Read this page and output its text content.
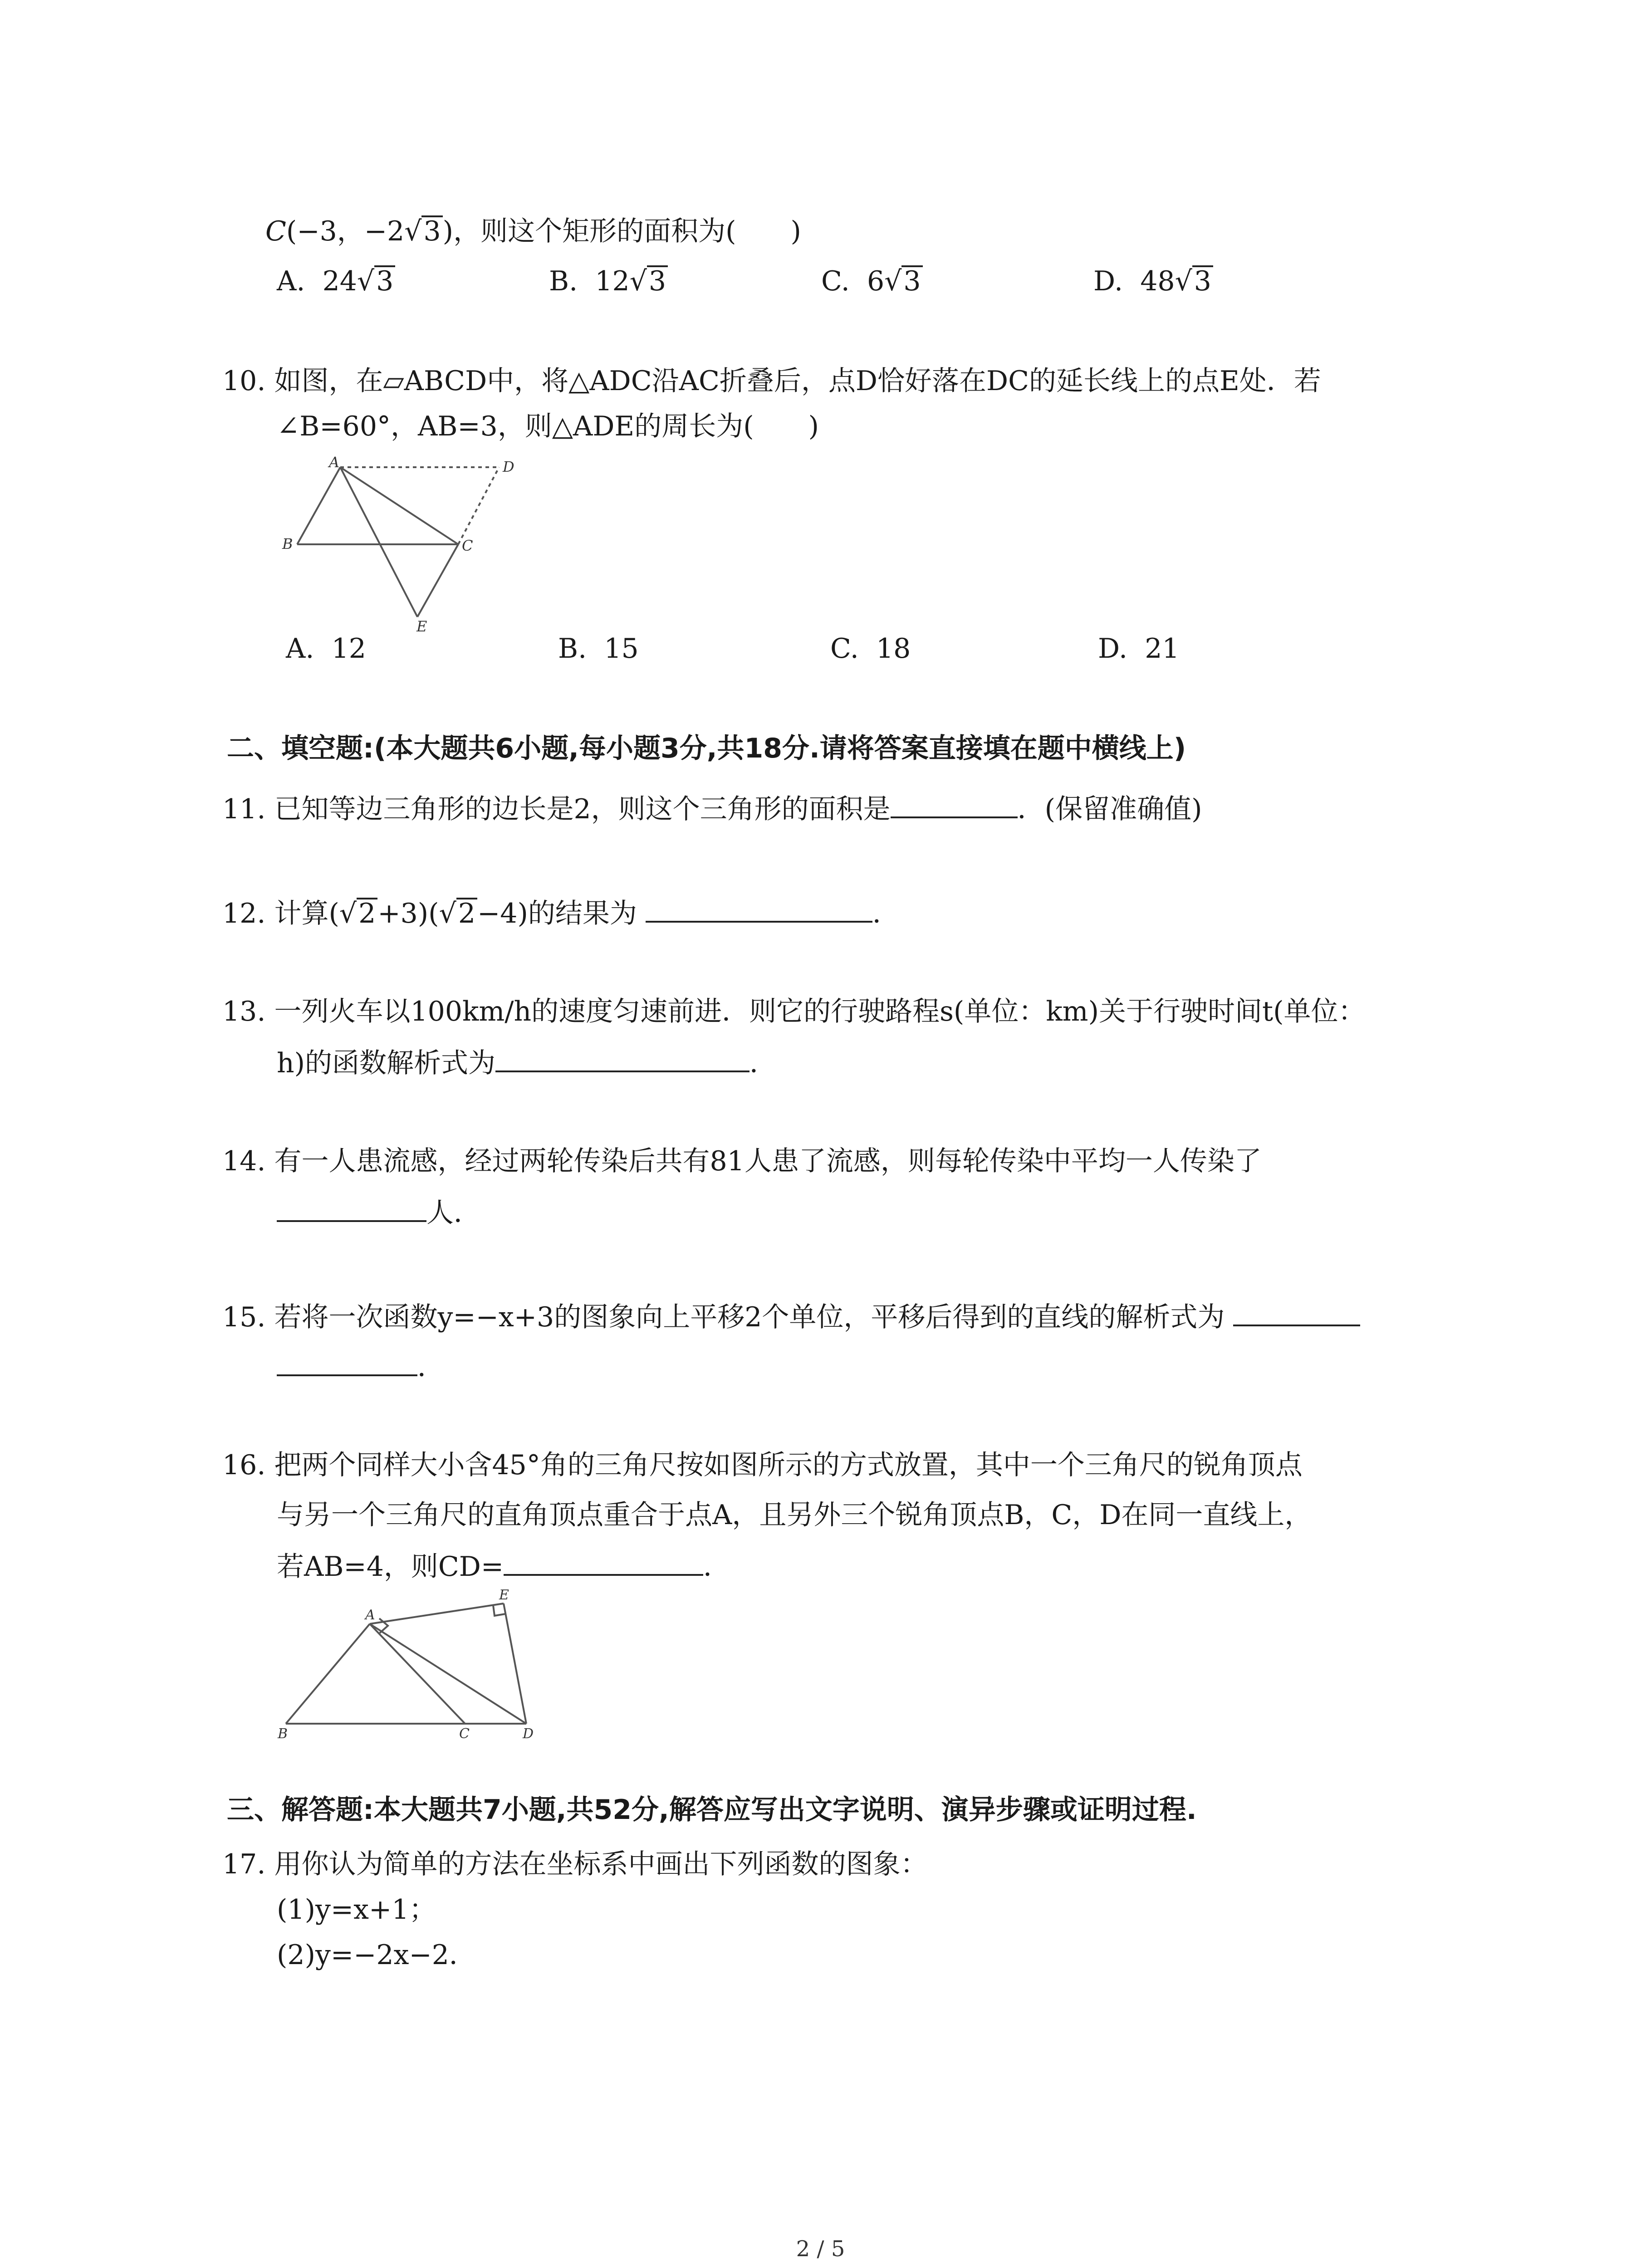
C(−3，−2√3)，则这个矩形的面积为(　　)
A. 24√3	B. 12√3	C. 6√3	D. 48√3
10. 如图，在▱ABCD中，将△ADC沿AC折叠后，点D恰好落在DC的延长线上的点E处．若
∠B=60°，AB=3，则△ADE的周长为(　　)
A
B	C
D
E
A. 12	B. 15	C. 18	D. 21
二、填空题:(本大题共6小题,每小题3分,共18分.请将答案直接填在题中横线上)
11. 已知等边三角形的边长是2，则这个三角形的面积是	．(保留准确值)
12. 计算(√2+3)(√2−4)的结果为	．
13. 一列火车以100km/h的速度匀速前进．则它的行驶路程s(单位：km)关于行驶时间t(单位：
h)的函数解析式为	．
14. 有一人患流感，经过两轮传染后共有81人患了流感，则每轮传染中平均一人传染了
人．
15. 若将一次函数y=−x+3的图象向上平移2个单位，平移后得到的直线的解析式为
．
16. 把两个同样大小含45°角的三角尺按如图所示的方式放置，其中一个三角尺的锐角顶点
与另一个三角尺的直角顶点重合于点A，且另外三个锐角顶点B，C，D在同一直线上，
若AB=4，则CD=	．
A
B	C	D
E
三、解答题:本大题共7小题,共52分,解答应写出文字说明、演异步骤或证明过程.
17. 用你认为简单的方法在坐标系中画出下列函数的图象：
(1)y=x+1；
(2)y=−2x−2．
2 / 5
